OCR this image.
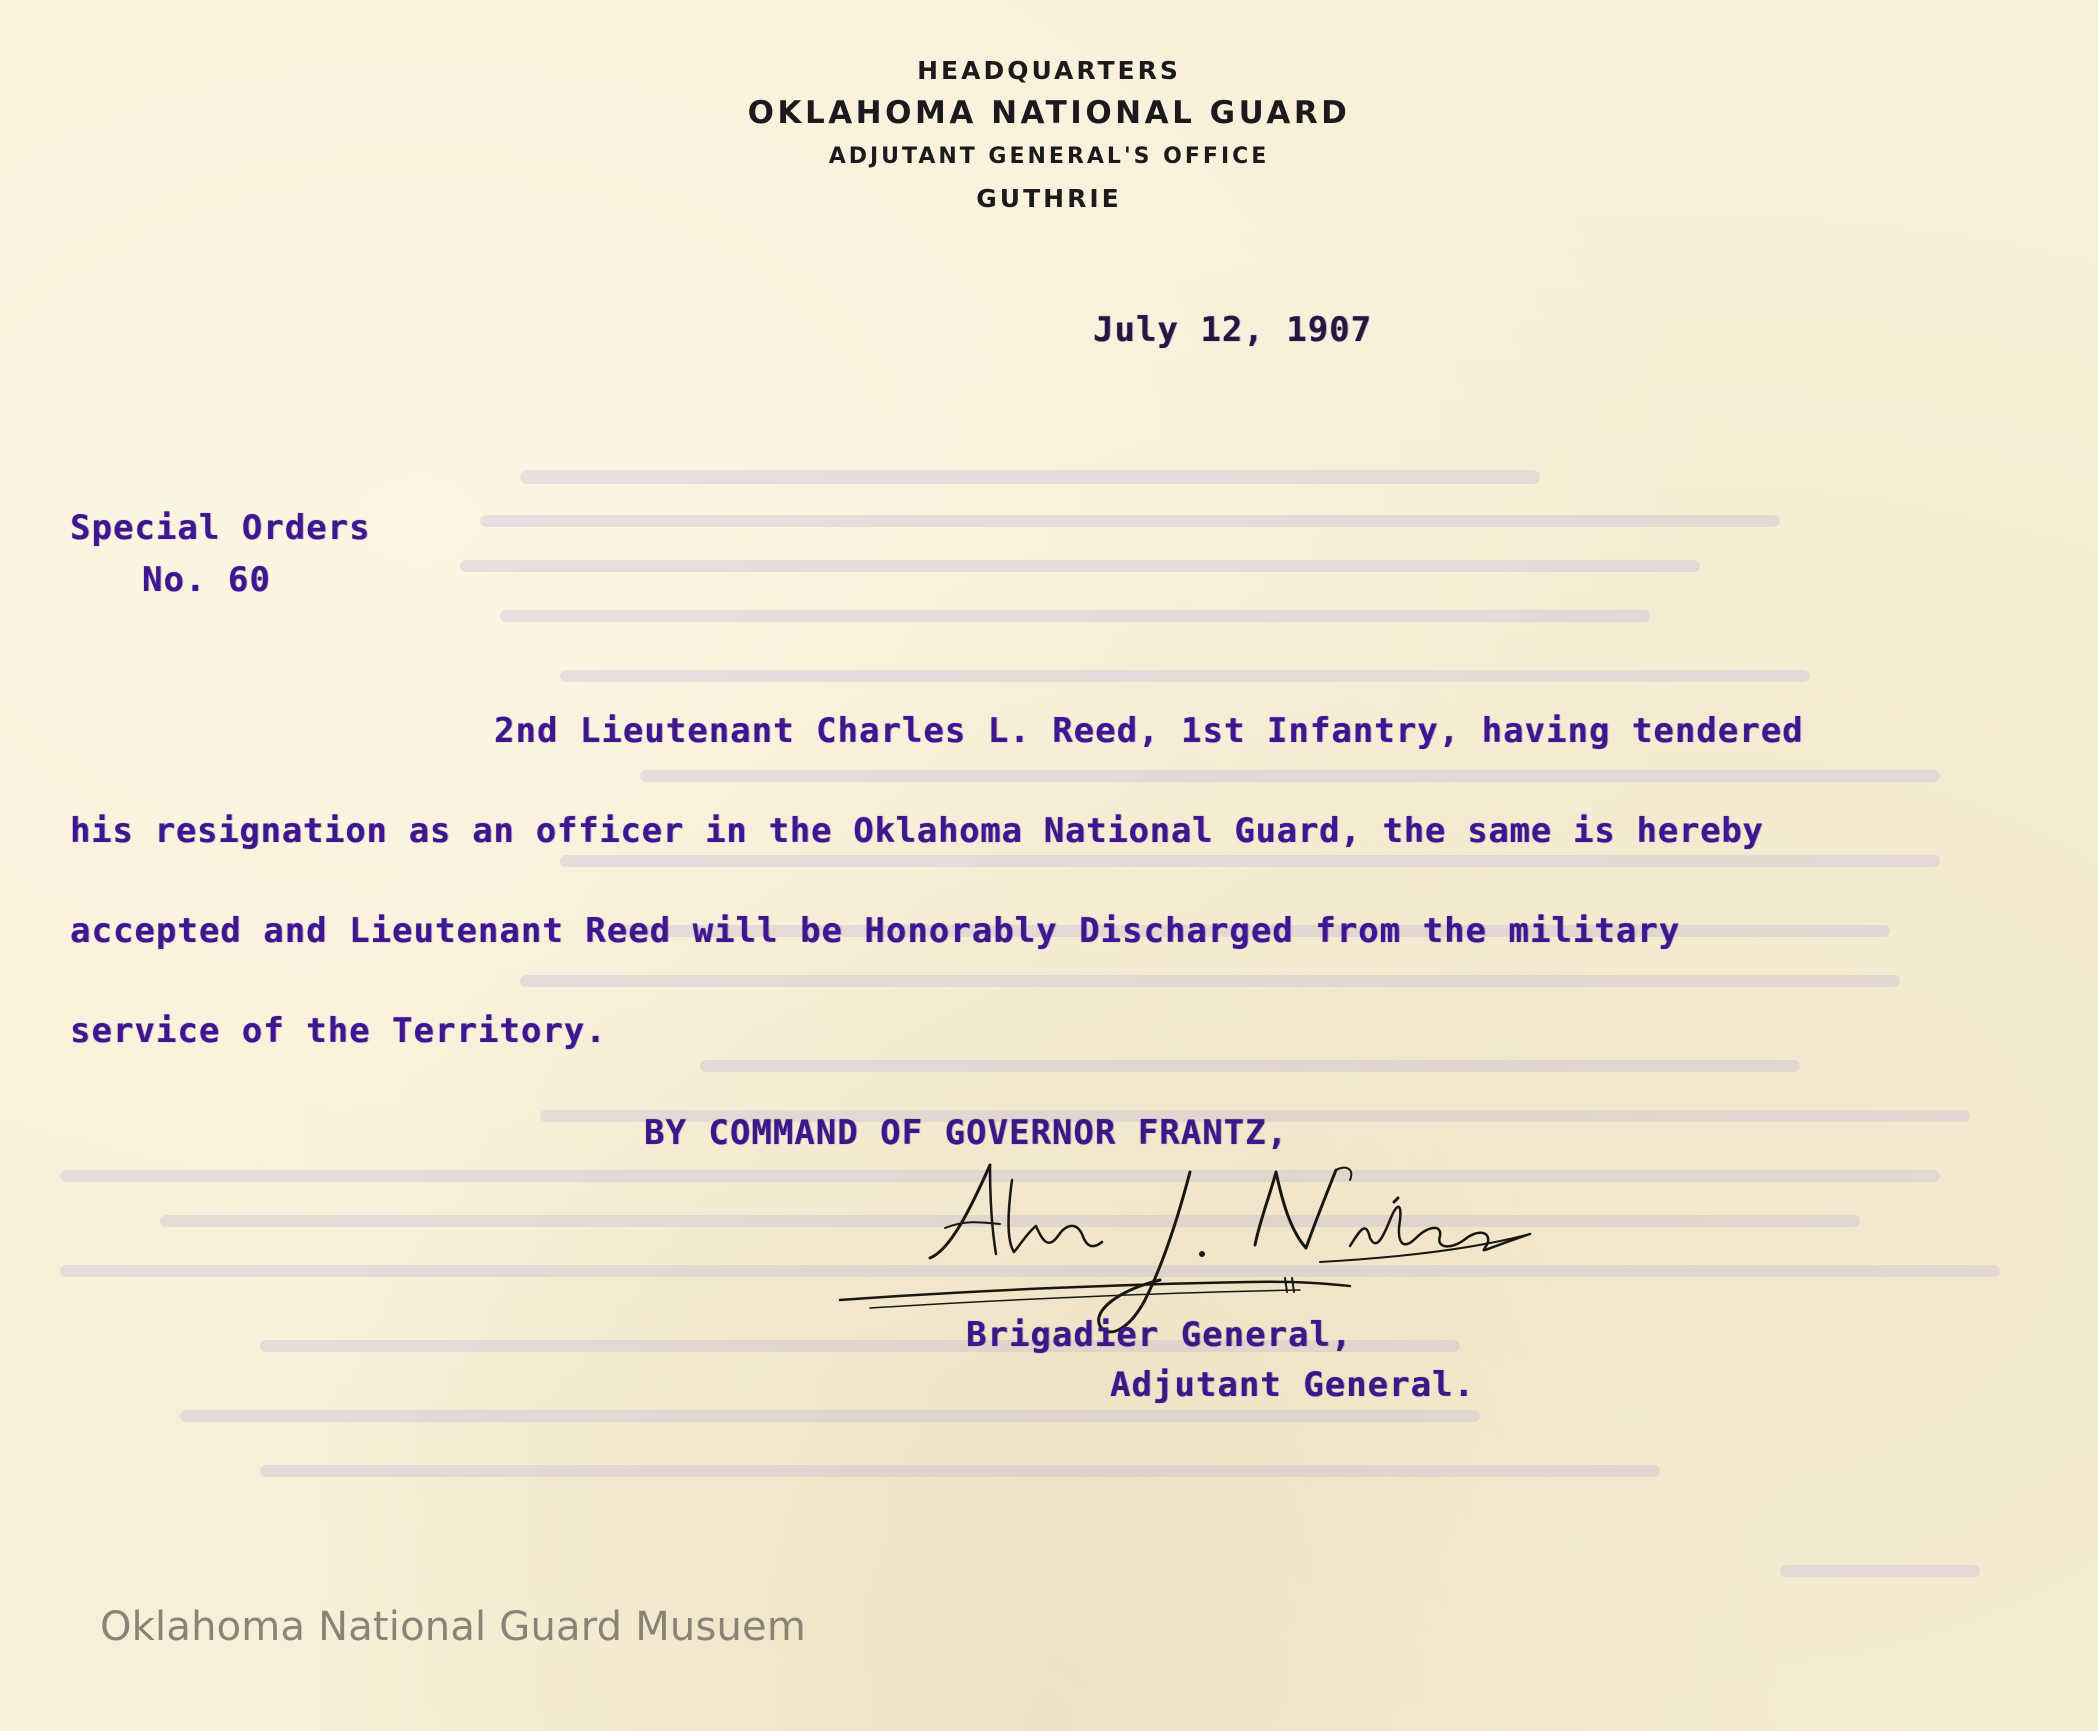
HEADQUARTERS
OKLAHOMA NATIONAL GUARD
ADJUTANT GENERAL'S OFFICE
GUTHRIE
July 12, 1907
Special Orders
No. 60
2nd Lieutenant Charles L. Reed, 1st Infantry, having tendered
his resignation as an officer in the Oklahoma National Guard, the same is hereby
accepted and Lieutenant Reed will be Honorably Discharged from the military
service of the Territory.
BY COMMAND OF GOVERNOR FRANTZ,
Brigadier General,
Adjutant General.
Oklahoma National Guard Musuem
